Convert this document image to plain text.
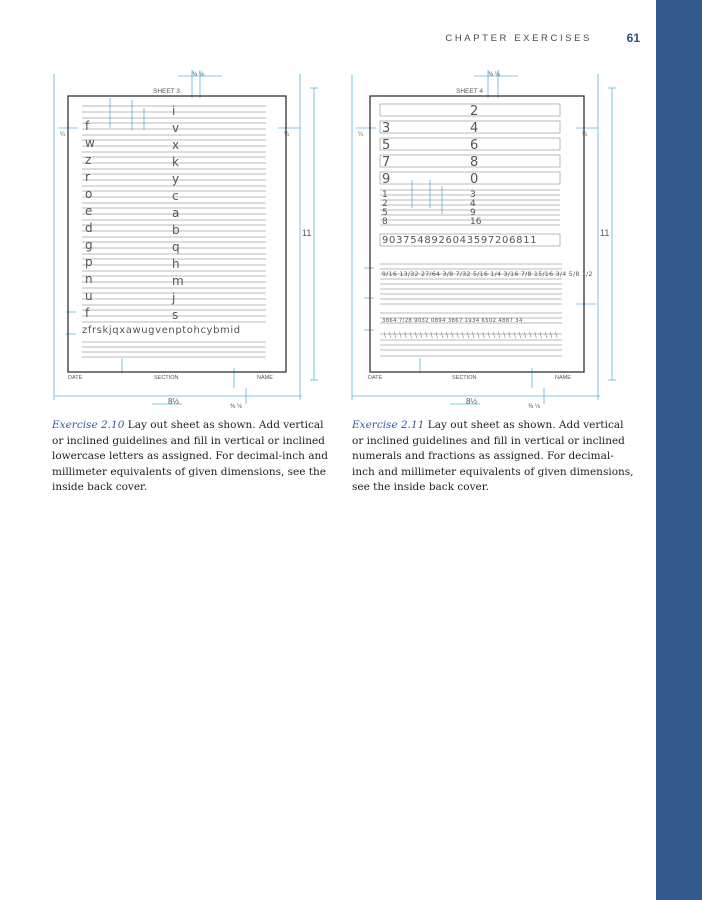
CHAPTER EXERCISES	61
⅜ ⅛
¼	¼
11
8½
⅜ ⅛
SHEET 3
f
w
z
r
o
e
d
g
p
n
u
f
i
v
x
k
y
c
a
b
q
h
m
j
s
zfrskjqxawugvenptohcybmid
DATE	SECTION	NAME
⅜ ⅛
¼	¼
11
8½
⅜ ⅛
SHEET 4
3
5
7
9
2
4
6
8
0
1
2
5
8
3
4
9
16
9037548926043597206811
9/16 13/32 27/64 3/8 7/32 5/16 1/4 3/16 7/8 15/16 3/4 5/8 1/2
3864 7/28 9032 0894 3867 1934 6502 4887 34
DATE	SECTION	NAME

Exercise 2.10 Lay out sheet as shown. Add vertical or inclined guidelines and fill in vertical or inclined lowercase letters as assigned. For decimal-inch and millimeter equivalents of given dimensions, see the inside back cover.

Exercise 2.11 Lay out sheet as shown. Add vertical or inclined guidelines and fill in vertical or inclined numerals and fractions as assigned. For decimal-inch and millimeter equivalents of given dimensions, see the inside back cover.
